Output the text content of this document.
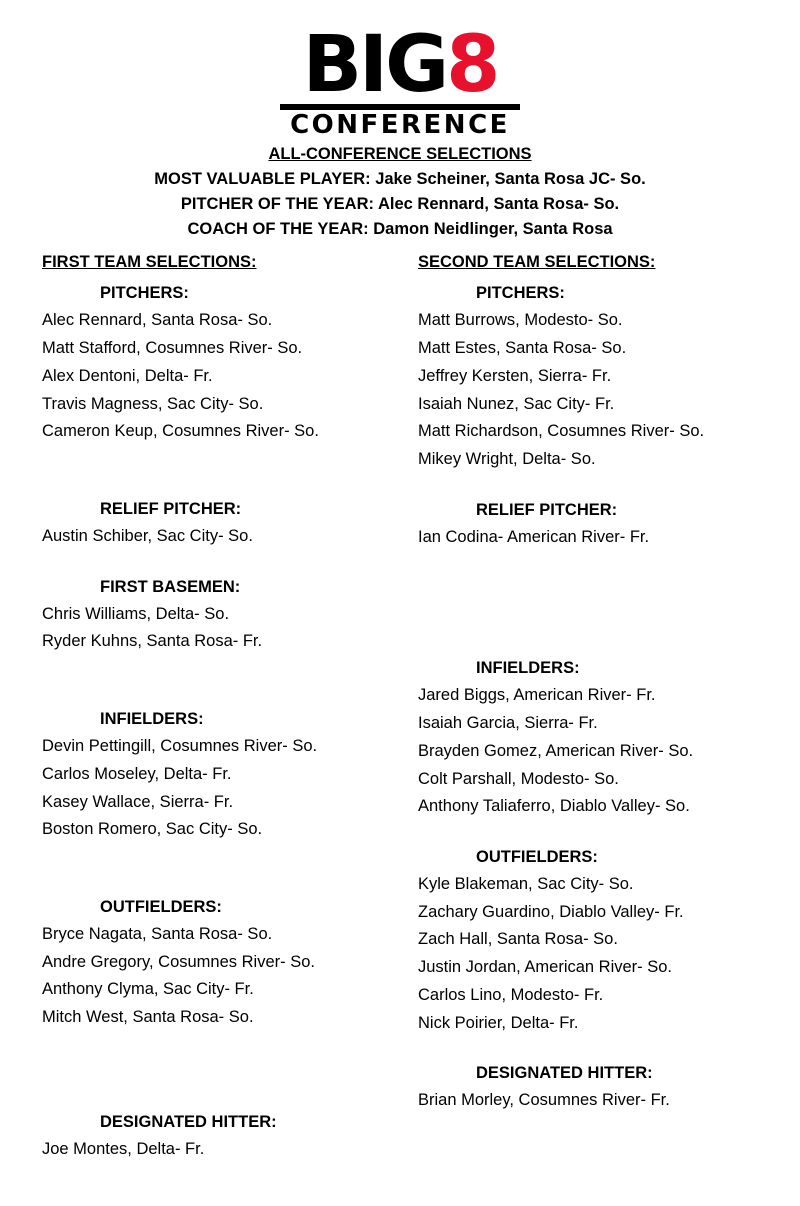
BIG8
CONFERENCE
ALL-CONFERENCE SELECTIONS
MOST VALUABLE PLAYER: Jake Scheiner, Santa Rosa JC- So.
PITCHER OF THE YEAR: Alec Rennard, Santa Rosa- So.
COACH OF THE YEAR: Damon Neidlinger, Santa Rosa
FIRST TEAM SELECTIONS:
PITCHERS:
Alec Rennard, Santa Rosa- So.
Matt Stafford, Cosumnes River- So.
Alex Dentoni, Delta- Fr.
Travis Magness, Sac City- So.
Cameron Keup, Cosumnes River- So.
RELIEF PITCHER:
Austin Schiber, Sac City- So.
FIRST BASEMEN:
Chris Williams, Delta- So.
Ryder Kuhns, Santa Rosa- Fr.
INFIELDERS:
Devin Pettingill, Cosumnes River- So.
Carlos Moseley, Delta- Fr.
Kasey Wallace, Sierra- Fr.
Boston Romero, Sac City- So.
OUTFIELDERS:
Bryce Nagata, Santa Rosa- So.
Andre Gregory, Cosumnes River- So.
Anthony Clyma, Sac City- Fr.
Mitch West, Santa Rosa- So.
DESIGNATED HITTER:
Joe Montes, Delta- Fr.
SECOND TEAM SELECTIONS:
PITCHERS:
Matt Burrows, Modesto- So.
Matt Estes, Santa Rosa- So.
Jeffrey Kersten, Sierra- Fr.
Isaiah Nunez, Sac City- Fr.
Matt Richardson, Cosumnes River- So.
Mikey Wright, Delta- So.
RELIEF PITCHER:
Ian Codina- American River- Fr.
INFIELDERS:
Jared Biggs, American River- Fr.
Isaiah Garcia, Sierra- Fr.
Brayden Gomez, American River- So.
Colt Parshall, Modesto- So.
Anthony Taliaferro, Diablo Valley- So.
OUTFIELDERS:
Kyle Blakeman, Sac City- So.
Zachary Guardino, Diablo Valley- Fr.
Zach Hall, Santa Rosa- So.
Justin Jordan, American River- So.
Carlos Lino, Modesto- Fr.
Nick Poirier, Delta- Fr.
DESIGNATED HITTER:
Brian Morley, Cosumnes River- Fr.
